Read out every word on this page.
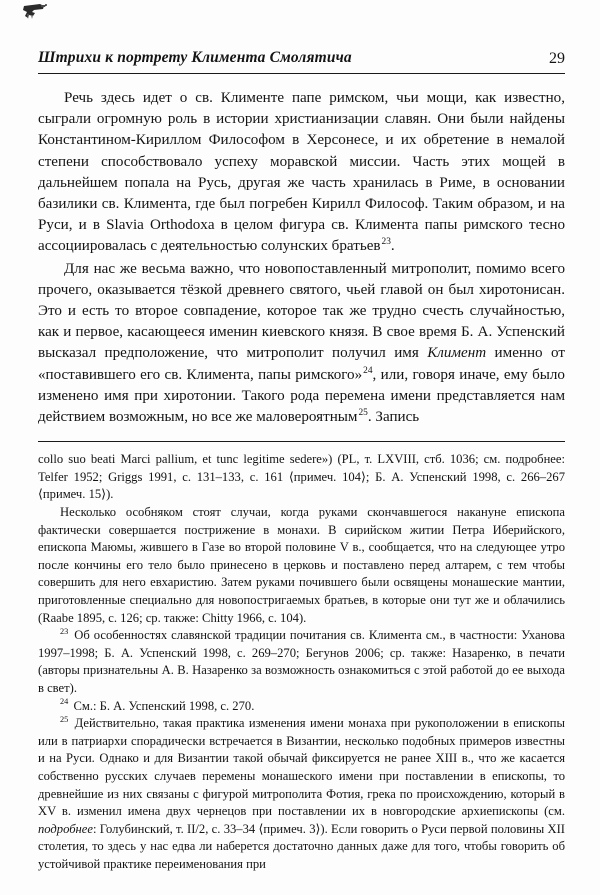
Штрихи к портрету Климента Смолятича	29

Речь здесь идет о св. Клименте папе римском, чьи мощи, как известно, сыграли огромную роль в истории христианизации славян. Они были найдены Константином-Кириллом Философом в Херсонесе, и их обретение в немалой степени способствовало успеху моравской миссии. Часть этих мощей в дальнейшем попала на Русь, другая же часть хранилась в Риме, в основании базилики св. Климента, где был погребен Кирилл Философ. Таким образом, и на Руси, и в Slavia Orthodoxa в целом фигура св. Климента папы римского тесно ассоциировалась с деятельностью солунских братьев$^{23}$.

Для нас же весьма важно, что новопоставленный митрополит, помимо всего прочего, оказывается тёзкой древнего святого, чьей главой он был хиротонисан. Это и есть то второе совпадение, которое так же трудно счесть случайностью, как и первое, касающееся именин киевского князя. В свое время Б. А. Успенский высказал предположение, что митрополит получил имя Климент именно от «поставившего его св. Климента, папы римского»$^{24}$, или, говоря иначе, ему было изменено имя при хиротонии. Такого рода перемена имени представляется нам действием возможным, но все же маловероятным$^{25}$. Запись

collo suo beati Marci pallium, et tunc legitime sedere») (PL, т. LXVIII, стб. 1036; см. подробнее: Telfer 1952; Griggs 1991, с. 131–133, с. 161 ⟨примеч. 104⟩; Б. А. Успенский 1998, с. 266–267 ⟨примеч. 15⟩).

Несколько особняком стоят случаи, когда руками скончавшегося накануне епископа фактически совершается пострижение в монахи. В сирийском житии Петра Иберийского, епископа Маюмы, жившего в Газе во второй половине V в., сообщается, что на следующее утро после кончины его тело было принесено в церковь и поставлено перед алтарем, с тем чтобы совершить для него евхаристию. Затем руками почившего были освящены монашеские мантии, приготовленные специально для новопостригаемых братьев, в которые они тут же и облачились (Raabe 1895, с. 126; ср. также: Chitty 1966, с. 104).

$^{23}$ Об особенностях славянской традиции почитания св. Климента см., в частности: Уханова 1997–1998; Б. А. Успенский 1998, с. 269–270; Бегунов 2006; ср. также: Назаренко, в печати (авторы признательны А. В. Назаренко за возможность ознакомиться с этой работой до ее выхода в свет).

$^{24}$ См.: Б. А. Успенский 1998, с. 270.

$^{25}$ Действительно, такая практика изменения имени монаха при рукоположении в епископы или в патриархи спорадически встречается в Византии, несколько подобных примеров известны и на Руси. Однако и для Византии такой обычай фиксируется не ранее XIII в., что же касается собственно русских случаев перемены монашеского имени при поставлении в епископы, то древнейшие из них связаны с фигурой митрополита Фотия, грека по происхождению, который в XV в. изменил имена двух чернецов при поставлении их в новгородские архиепископы (см. подробнее: Голубинский, т. II/2, с. 33–34 ⟨примеч. 3⟩). Если говорить о Руси первой половины XII столетия, то здесь у нас едва ли наберется достаточно данных даже для того, чтобы говорить об устойчивой практике переименования при
